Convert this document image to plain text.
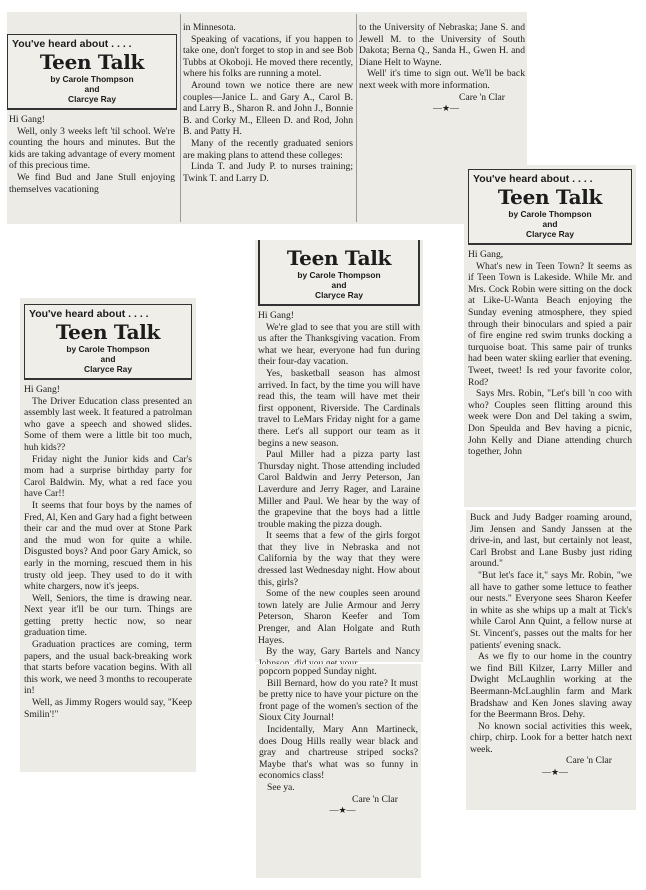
You've heard about . . . .
Teen Talk
by Carole Thompson
and
Clarcye Ray

Hi Gang!

Well, only 3 weeks left 'til school. We're counting the hours and minutes. But the kids are taking advantage of every moment of this precious time.

We find Bud and Jane Stull enjoying themselves vacationing

in Minnesota.

Speaking of vacations, if you happen to take one, don't forget to stop in and see Bob Tubbs at Okoboji. He moved there recently, where his folks are running a motel.

Around town we notice there are new couples—Janice L. and Gary A., Carol B. and Larry B., Sharon R. and John J., Bonnie B. and Corky M., Elleen D. and Rod, John B. and Patty H.

Many of the recently graduated seniors are making plans to attend these colleges:

Linda T. and Judy P. to nurses training; Twink T. and Larry D.

to the University of Nebraska; Jane S. and Jewell M. to the University of South Dakota; Berna Q., Sanda H., Gwen H. and Diane Helt to Wayne.

Well' it's time to sign out. We'll be back next week with more information.

Care 'n Clar

—★—

You've heard about . . . .
Teen Talk
by Carole Thompson
and
Claryce Ray

Hi Gang!

The Driver Education class presented an assembly last week. It featured a patrolman who gave a speech and showed slides. Some of them were a little bit too much, huh kids??

Friday night the Junior kids and Car's mom had a surprise birthday party for Carol Baldwin. My, what a red face you have Car!!

It seems that four boys by the names of Fred, Al, Ken and Gary had a fight between their car and the mud over at Stone Park and the mud won for quite a while. Disgusted boys? And poor Gary Amick, so early in the morning, rescued them in his trusty old jeep. They used to do it with white chargers, now it's jeeps.

Well, Seniors, the time is drawing near. Next year it'll be our turn. Things are getting pretty hectic now, so near graduation time.

Graduation practices are coming, term papers, and the usual back-breaking work that starts before vacation begins. With all this work, we need 3 months to recouperate in!

Well, as Jimmy Rogers would say, "Keep Smilin'!"

Teen Talk
by Carole Thompson
and
Claryce Ray

Hi Gang!

We're glad to see that you are still with us after the Thanksgiving vacation. From what we hear, everyone had fun during their four-day vacation.

Yes, basketball season has almost arrived. In fact, by the time you will have read this, the team will have met their first opponent, Riverside. The Cardinals travel to LeMars Friday night for a game there. Let's all support our team as it begins a new season.

Paul Miller had a pizza party last Thursday night. Those attending included Carol Baldwin and Jerry Peterson, Jan Laverdure and Jerry Rager, and Laraine Miller and Paul. We hear by the way of the grapevine that the boys had a little trouble making the pizza dough.

It seems that a few of the girls forgot that they live in Nebraska and not California by the way that they were dressed last Wednesday night. How about this, girls?

Some of the new couples seen around town lately are Julie Armour and Jerry Peterson, Sharon Keefer and Tom Prenger, and Alan Holgate and Ruth Hayes.

By the way, Gary Bartels and Nancy

popcorn popped Sunday night.

Bill Bernard, how do you rate? It must be pretty nice to have your picture on the front page of the women's section of the Sioux City Journal!

Incidentally, Mary Ann Martineck, does Doug Hills really wear black and gray and chartreuse striped socks? Maybe that's what was so funny in economics class!

See ya.

Care 'n Clar

—★—

You've heard about . . . .
Teen Talk
by Carole Thompson
and
Claryce Ray

Hi Gang,

What's new in Teen Town? It seems as if Teen Town is Lakeside. While Mr. and Mrs. Cock Robin were sitting on the dock at Like-U-Wanta Beach enjoying the Sunday evening atmosphere, they spied through their binoculars and spied a pair of fire engine red swim trunks docking a turquoise boat. This same pair of trunks had been water skiing earlier that evening. Tweet, tweet! Is red your favorite color, Rod?

Says Mrs. Robin, "Let's bill 'n coo with who? Couples seen flitting around this week were Don and Del taking a swim, Don Speulda and Bev having a picnic, John Kelly and Diane attending church together, John

Buck and Judy Badger roaming around, Jim Jensen and Sandy Janssen at the drive-in, and last, but certainly not least, Carl Brobst and Lane Busby just riding around."

"But let's face it," says Mr. Robin, "we all have to gather some lettuce to feather our nests." Everyone sees Sharon Keefer in white as she whips up a malt at Tick's while Carol Ann Quint, a fellow nurse at St. Vincent's, passes out the malts for her patients' evening snack.

As we fly to our home in the country we find Bill Kilzer, Larry Miller and Dwight McLaughlin working at the Beermann-McLaughlin farm and Mark Bradshaw and Ken Jones slaving away for the Beermann Bros. Dehy.

No known social activities this week, chirp, chirp. Look for a better hatch next week.

Care 'n Clar

—★—
